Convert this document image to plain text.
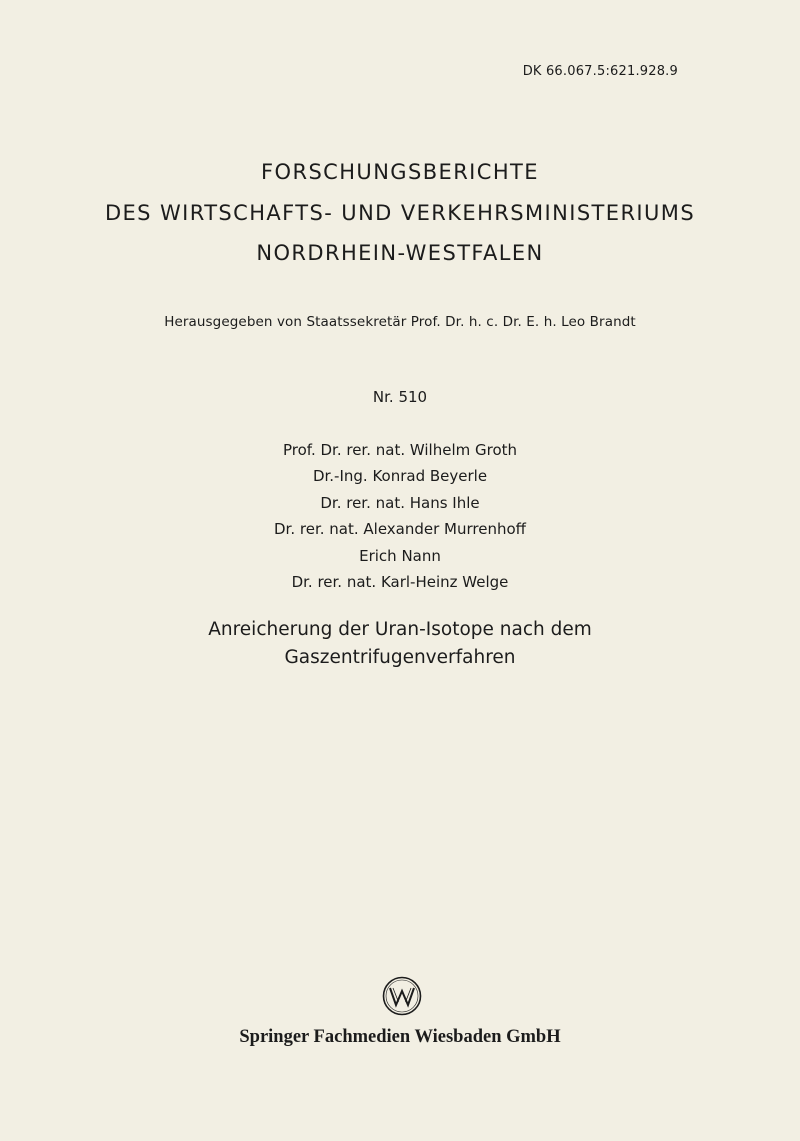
DK 66.067.5:621.928.9
FORSCHUNGSBERICHTE
DES WIRTSCHAFTS- UND VERKEHRSMINISTERIUMS
NORDRHEIN-WESTFALEN
Herausgegeben von Staatssekretär Prof. Dr. h. c. Dr. E. h. Leo Brandt
Nr. 510
Prof. Dr. rer. nat. Wilhelm Groth
Dr.-Ing. Konrad Beyerle
Dr. rer. nat. Hans Ihle
Dr. rer. nat. Alexander Murrenhoff
Erich Nann
Dr. rer. nat. Karl-Heinz Welge
Anreicherung der Uran-Isotope nach dem
Gaszentrifugenverfahren
Springer Fachmedien Wiesbaden GmbH
